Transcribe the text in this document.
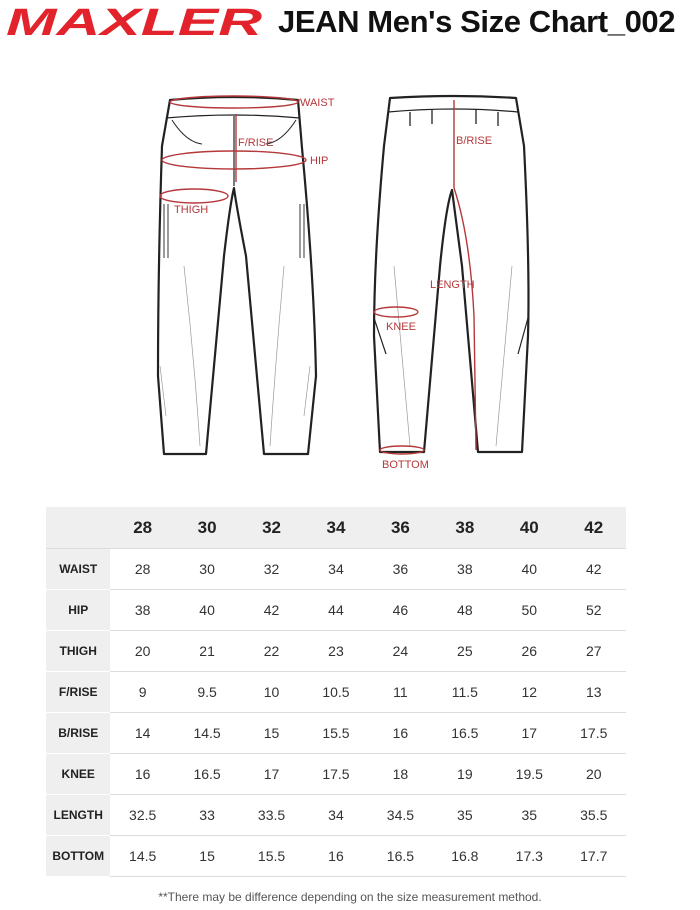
MAXLER JEAN Men's Size Chart_002
WAIST
F/RISE
HIP
THIGH
B/RISE
LENGTH
KNEE
BOTTOM
	28	30	32	34	36	38	40	42
WAIST	28	30	32	34	36	38	40	42
HIP	38	40	42	44	46	48	50	52
THIGH	20	21	22	23	24	25	26	27
F/RISE	9	9.5	10	10.5	11	11.5	12	13
B/RISE	14	14.5	15	15.5	16	16.5	17	17.5
KNEE	16	16.5	17	17.5	18	19	19.5	20
LENGTH	32.5	33	33.5	34	34.5	35	35	35.5
BOTTOM	14.5	15	15.5	16	16.5	16.8	17.3	17.7
**There may be difference depending on the size measurement method.
